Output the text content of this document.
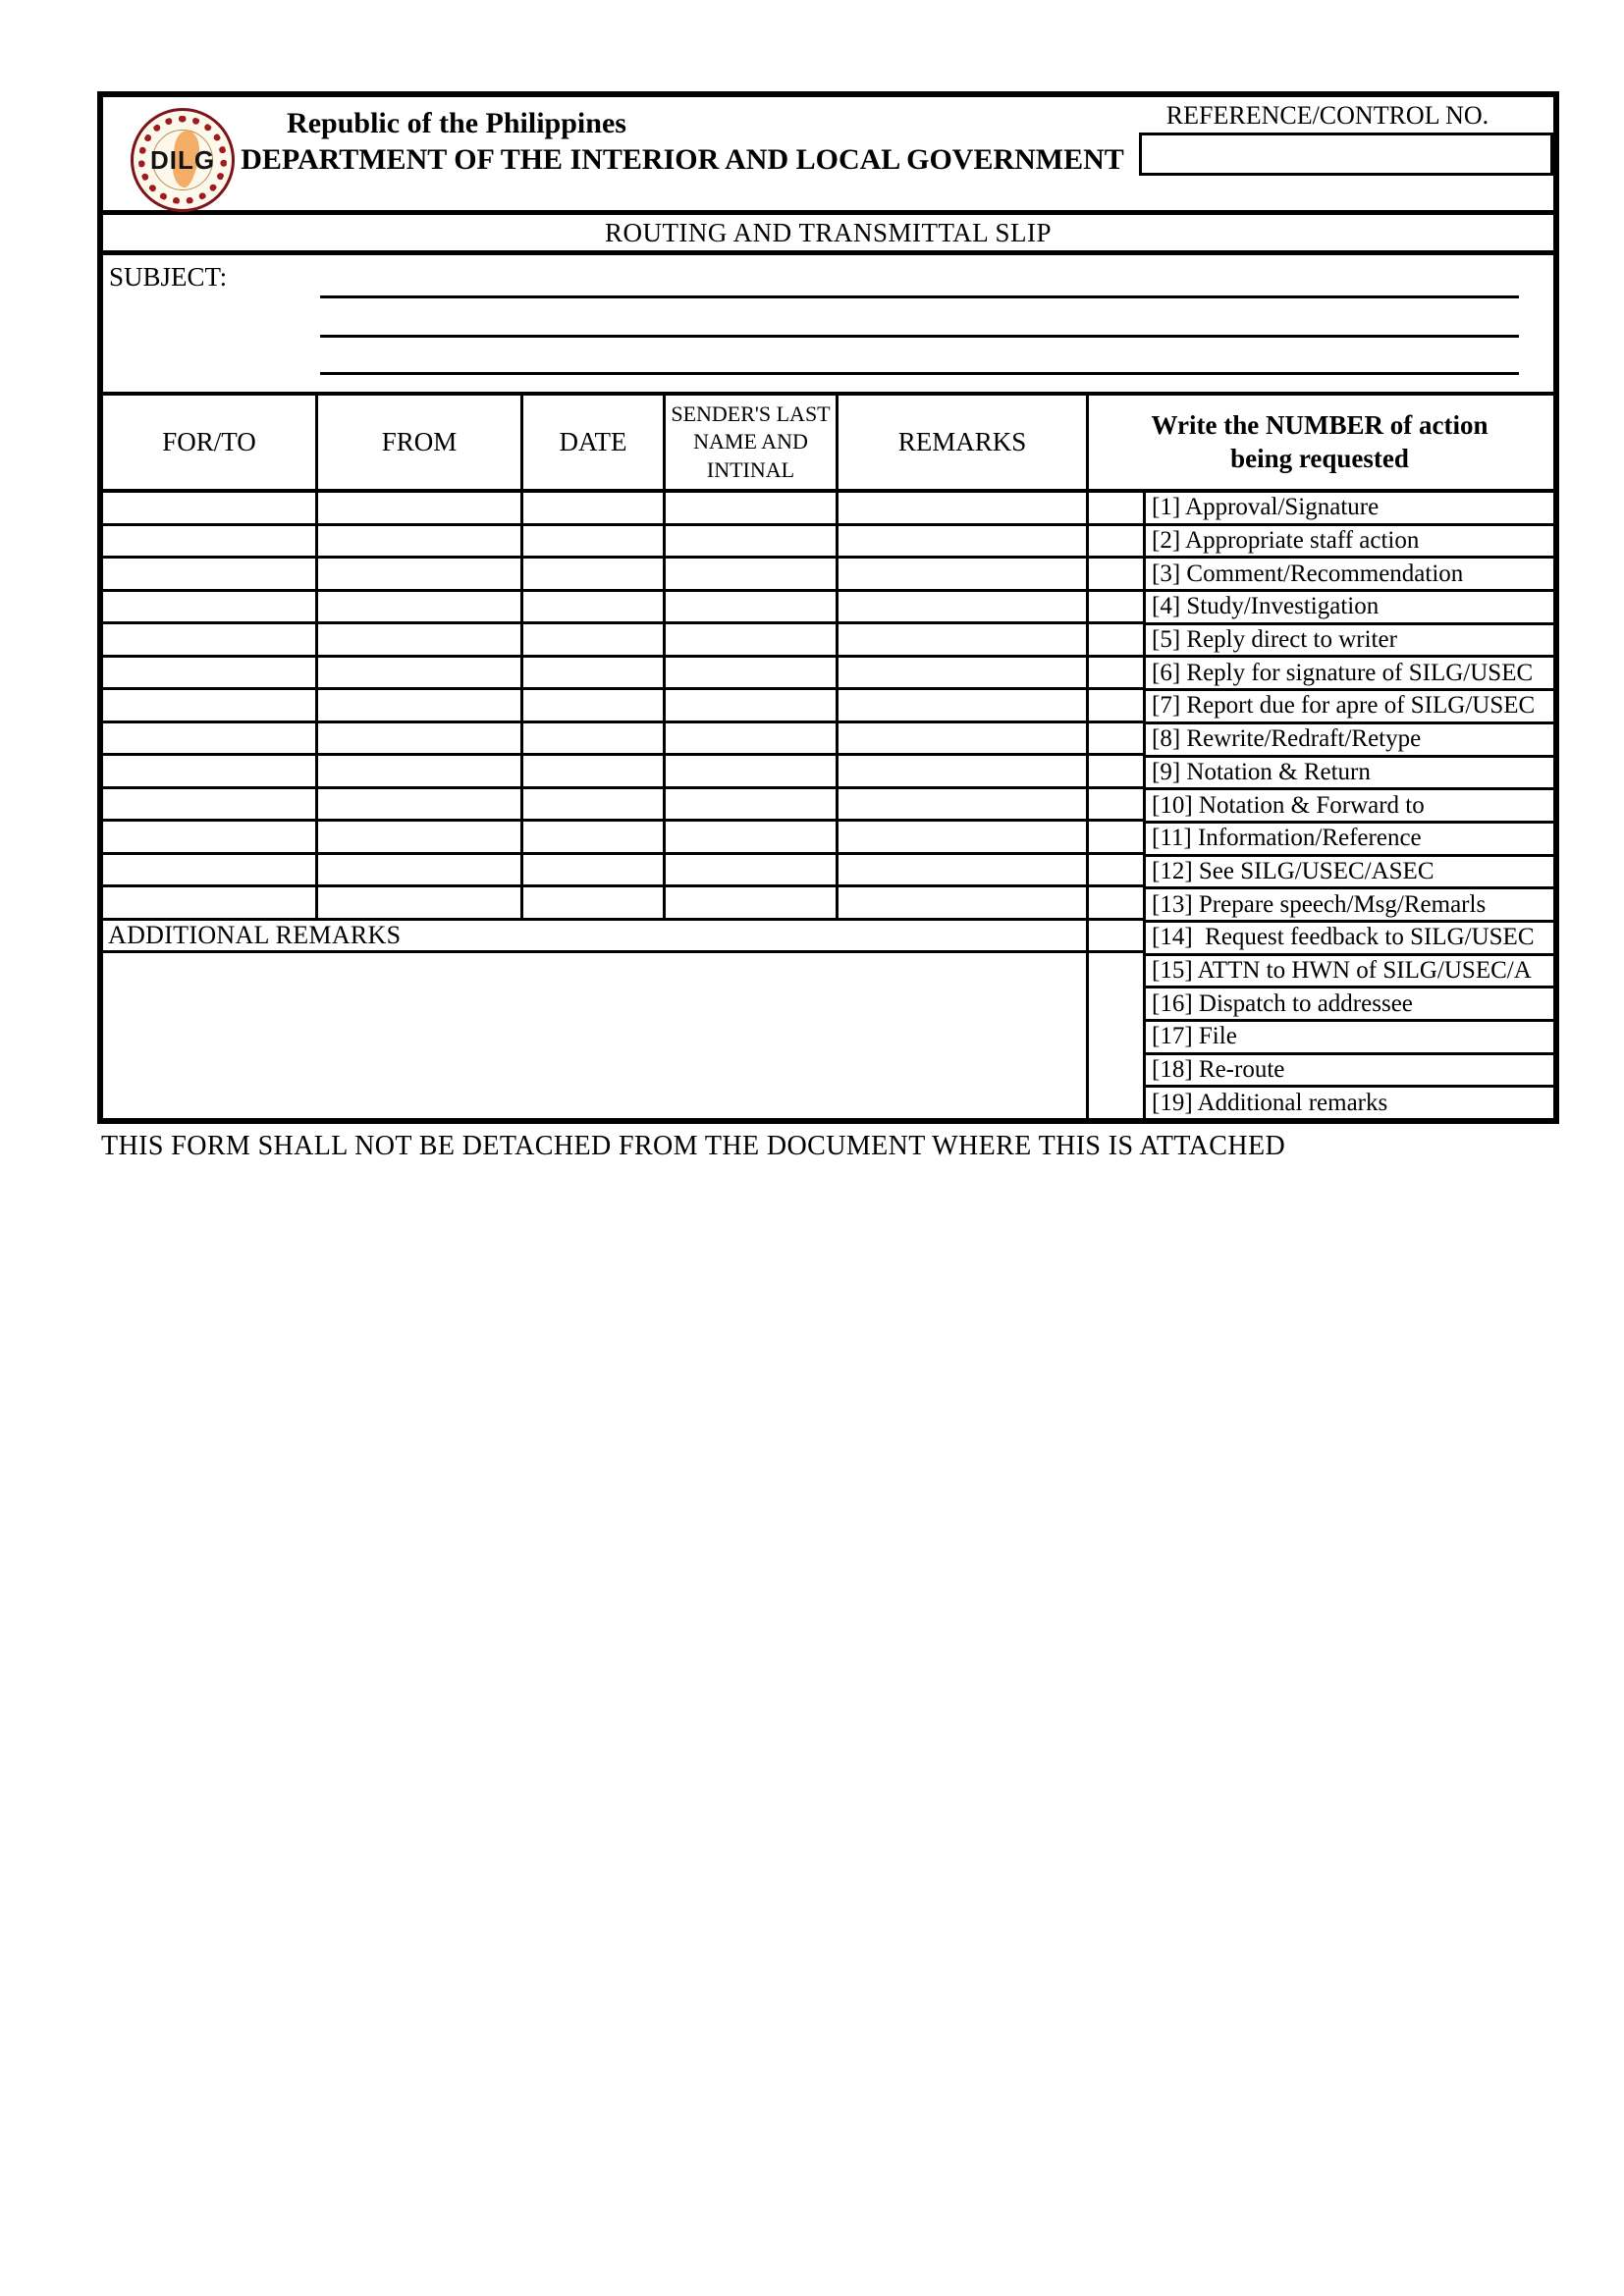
DILG
Republic of the Philippines
DEPARTMENT OF THE INTERIOR AND LOCAL GOVERNMENT
REFERENCE/CONTROL NO.
ROUTING AND TRANSMITTAL SLIP
SUBJECT:
FOR/TO	FROM	DATE
SENDER'S LAST NAME AND INTINAL
REMARKS
Write the NUMBER of action being requested
ADDITIONAL REMARKS
[1] Approval/Signature
[2] Appropriate staff action
[3] Comment/Recommendation
[4] Study/Investigation
[5] Reply direct to writer
[6] Reply for signature of SILG/USEC
[7] Report due for apre of SILG/USEC
[8] Rewrite/Redraft/Retype
[9] Notation & Return
[10] Notation & Forward to
[11] Information/Reference
[12] See SILG/USEC/ASEC
[13] Prepare speech/Msg/Remarls
[14]  Request feedback to SILG/USEC
[15] ATTN to HWN of SILG/USEC/A
[16] Dispatch to addressee
[17] File
[18] Re-route
[19] Additional remarks
THIS FORM SHALL NOT BE DETACHED FROM THE DOCUMENT WHERE THIS IS ATTACHED
